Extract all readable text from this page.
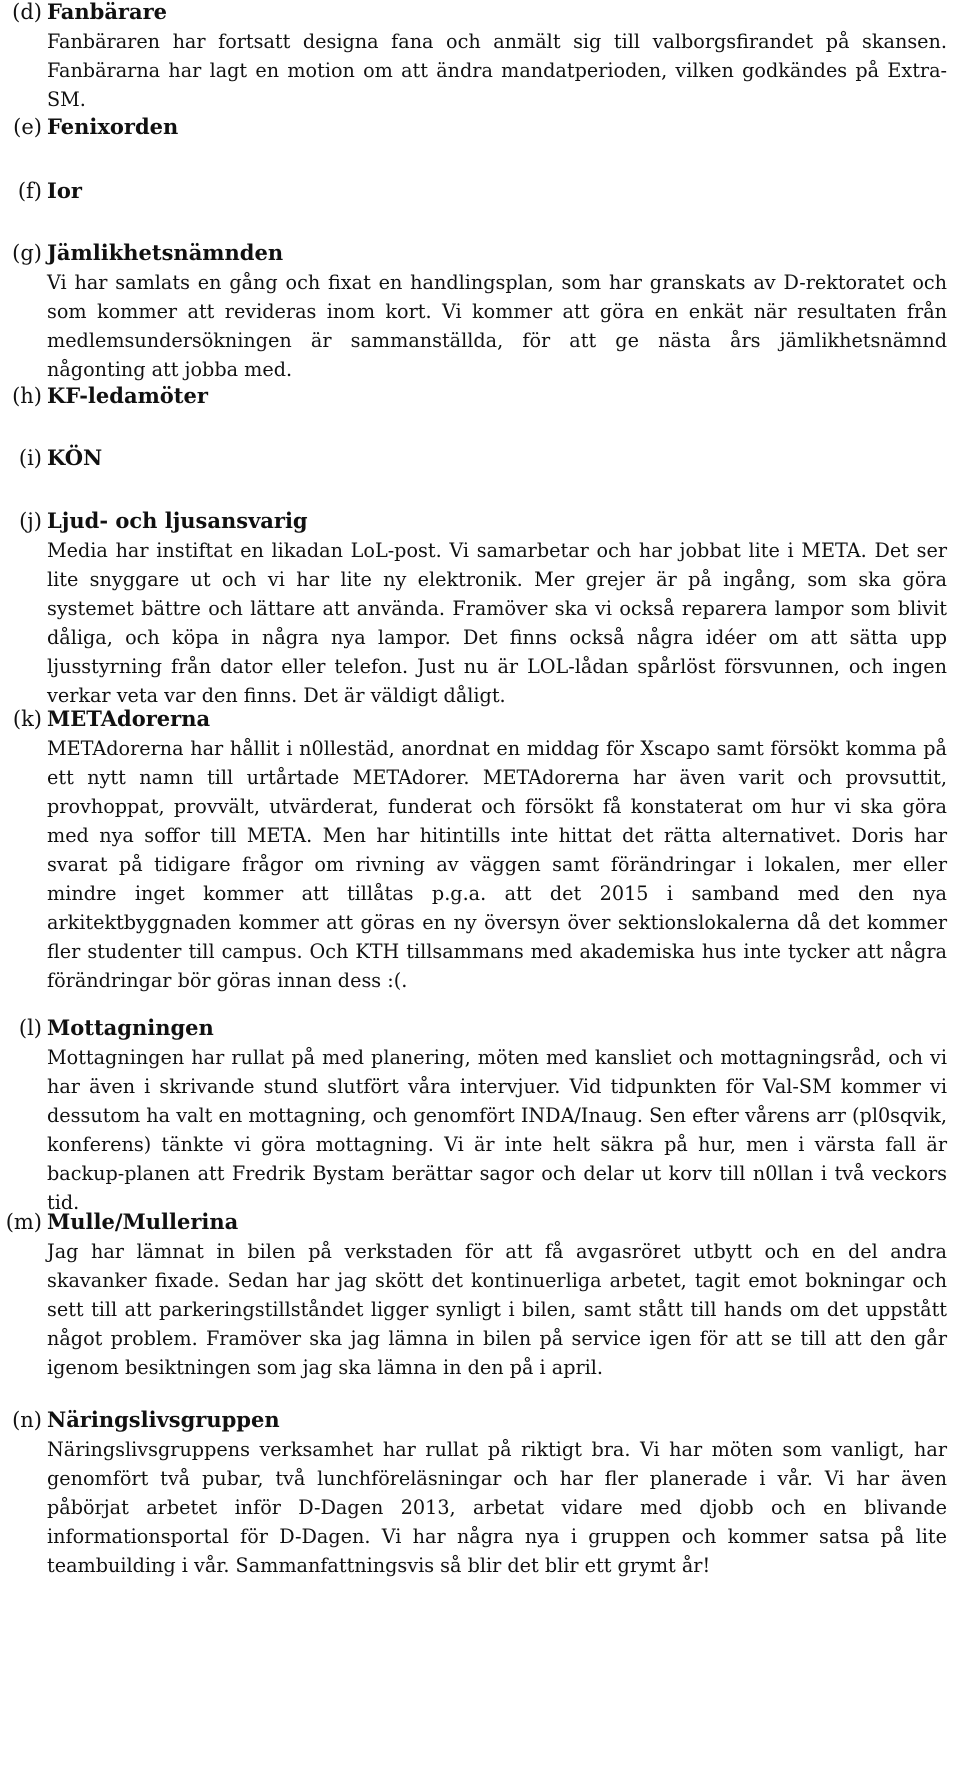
(d) Fanbärare
Fanbäraren har fortsatt designa fana och anmält sig till valborgsfirandet på skansen. Fanbärarna har lagt en motion om att ändra mandatperioden, vilken godkändes på Extra-SM.
(e) Fenixorden
(f) Ior
(g) Jämlikhetsnämnden
Vi har samlats en gång och fixat en handlingsplan, som har granskats av D-rektoratet och som kommer att revideras inom kort. Vi kommer att göra en enkät när resultaten från medlemsundersökningen är sammanställda, för att ge nästa års jämlikhetsnämnd någonting att jobba med.
(h) KF-ledamöter
(i) KÖN
(j) Ljud- och ljusansvarig
Media har instiftat en likadan LoL-post. Vi samarbetar och har jobbat lite i META. Det ser lite snyggare ut och vi har lite ny elektronik. Mer grejer är på ingång, som ska göra systemet bättre och lättare att använda. Framöver ska vi också reparera lampor som blivit dåliga, och köpa in några nya lampor. Det finns också några idéer om att sätta upp ljusstyrning från dator eller telefon. Just nu är LOL-lådan spårlöst försvunnen, och ingen verkar veta var den finns. Det är väldigt dåligt.
(k) METAdorerna
METAdorerna har hållit i n0llestäd, anordnat en middag för Xscapo samt försökt komma på ett nytt namn till urtårtade METAdorer. METAdorerna har även varit och provsuttit, provhoppat, provvält, utvärderat, funderat och försökt få konstaterat om hur vi ska göra med nya soffor till META. Men har hitintills inte hittat det rätta alternativet. Doris har svarat på tidigare frågor om rivning av väggen samt förändringar i lokalen, mer eller mindre inget kommer att tillåtas p.g.a. att det 2015 i samband med den nya arkitektbyggnaden kommer att göras en ny översyn över sektionslokalerna då det kommer fler studenter till campus. Och KTH tillsammans med akademiska hus inte tycker att några förändringar bör göras innan dess :(.
(l) Mottagningen
Mottagningen har rullat på med planering, möten med kansliet och mottagningsråd, och vi har även i skrivande stund slutfört våra intervjuer. Vid tidpunkten för Val-SM kommer vi dessutom ha valt en mottagning, och genomfört INDA/Inaug. Sen efter vårens arr (pl0sqvik, konferens) tänkte vi göra mottagning. Vi är inte helt säkra på hur, men i värsta fall är backup-planen att Fredrik Bystam berättar sagor och delar ut korv till n0llan i två veckors tid.
(m) Mulle/Mullerina
Jag har lämnat in bilen på verkstaden för att få avgasröret utbytt och en del andra skavanker fixade. Sedan har jag skött det kontinuerliga arbetet, tagit emot bokningar och sett till att parkeringstillståndet ligger synligt i bilen, samt stått till hands om det uppstått något problem. Framöver ska jag lämna in bilen på service igen för att se till att den går igenom besiktningen som jag ska lämna in den på i april.
(n) Näringslivsgruppen
Näringslivsgruppens verksamhet har rullat på riktigt bra. Vi har möten som vanligt, har genomfört två pubar, två lunchföreläsningar och har fler planerade i vår. Vi har även påbörjat arbetet inför D-Dagen 2013, arbetat vidare med djobb och en blivande informationsportal för D-Dagen. Vi har några nya i gruppen och kommer satsa på lite teambuilding i vår. Sammanfattningsvis så blir det blir ett grymt år!
